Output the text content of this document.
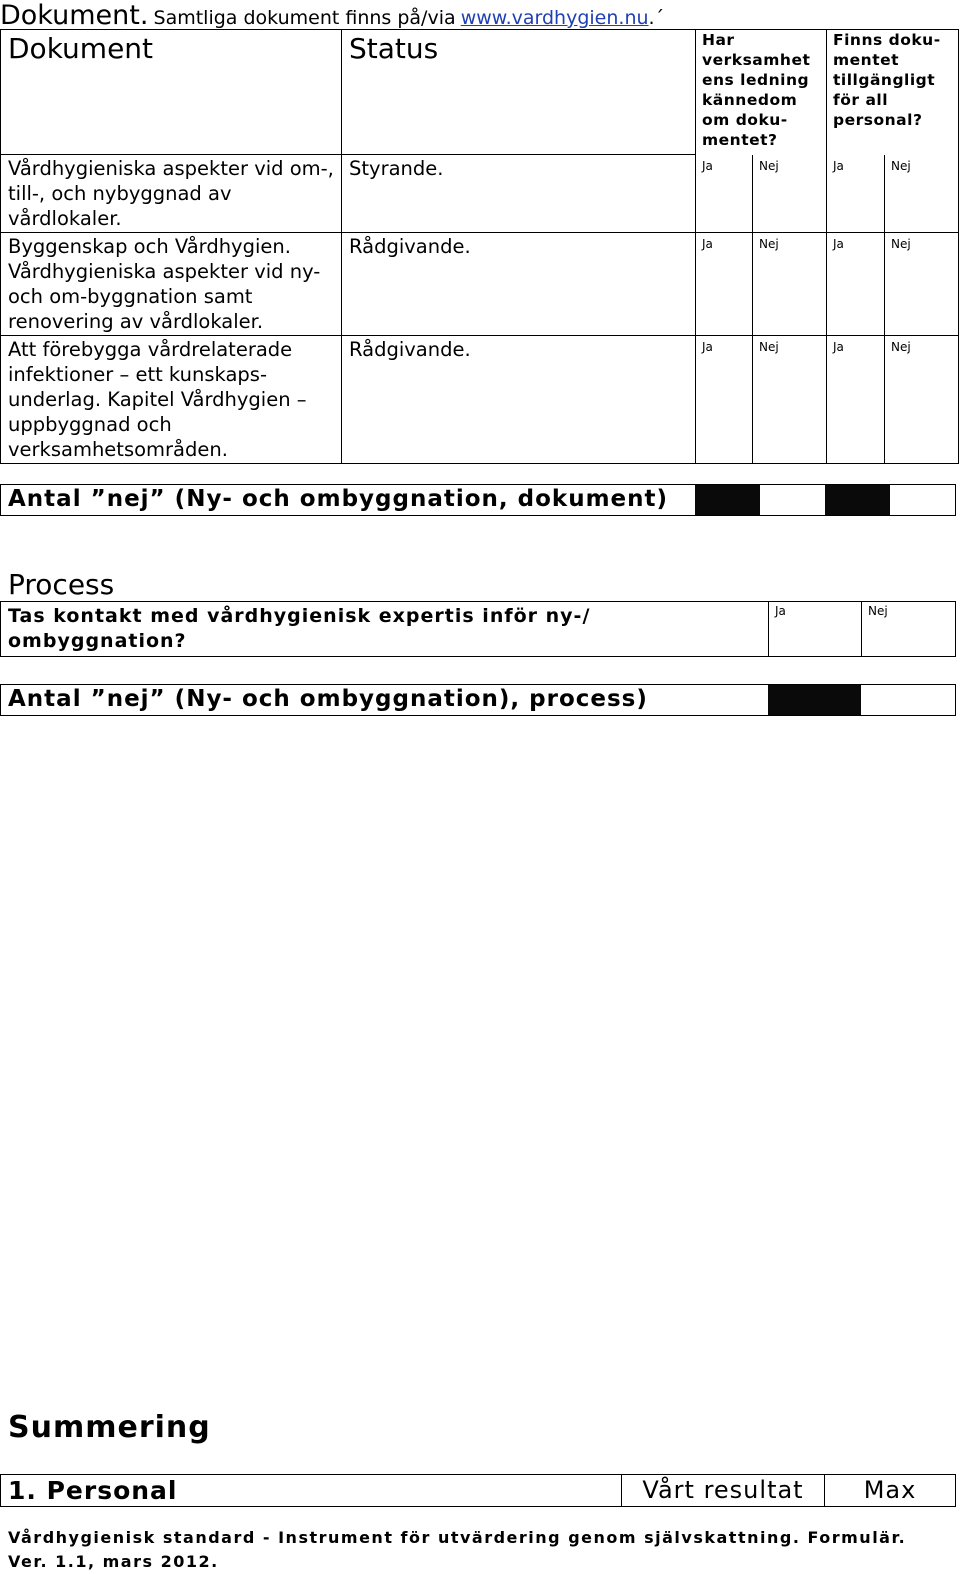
Dokument. Samtliga dokument finns på/via www.vardhygien.nu.´
Dokument	Status	Har verksamhet ens ledning kännedom om doku-mentet?		Finns doku-mentet tillgängligt för all personal?	

Vårdhygieniska aspekter vid om-, till-, och nybyggnad av vårdlokaler.	Styrande.	Ja	Nej	Ja	Nej
Byggenskap och Vårdhygien. Vårdhygieniska aspekter vid ny- och om-byggnation samt renovering av vårdlokaler.	Rådgivande.	Ja	Nej	Ja	Nej
Att förebygga vårdrelaterade infektioner – ett kunskaps-underlag. Kapitel Vårdhygien – uppbyggnad och verksamhetsområden.	Rådgivande.	Ja	Nej	Ja	Nej
Antal ”nej” (Ny- och ombyggnation, dokument)
Process
Tas kontakt med vårdhygienisk expertis inför ny-/ ombyggnation?	Ja	Nej
Antal ”nej” (Ny- och ombyggnation), process)
Summering
1. Personal	Vårt resultat	Max
Vårdhygienisk standard - Instrument för utvärdering genom självskattning. Formulär.
Ver. 1.1, mars 2012.
